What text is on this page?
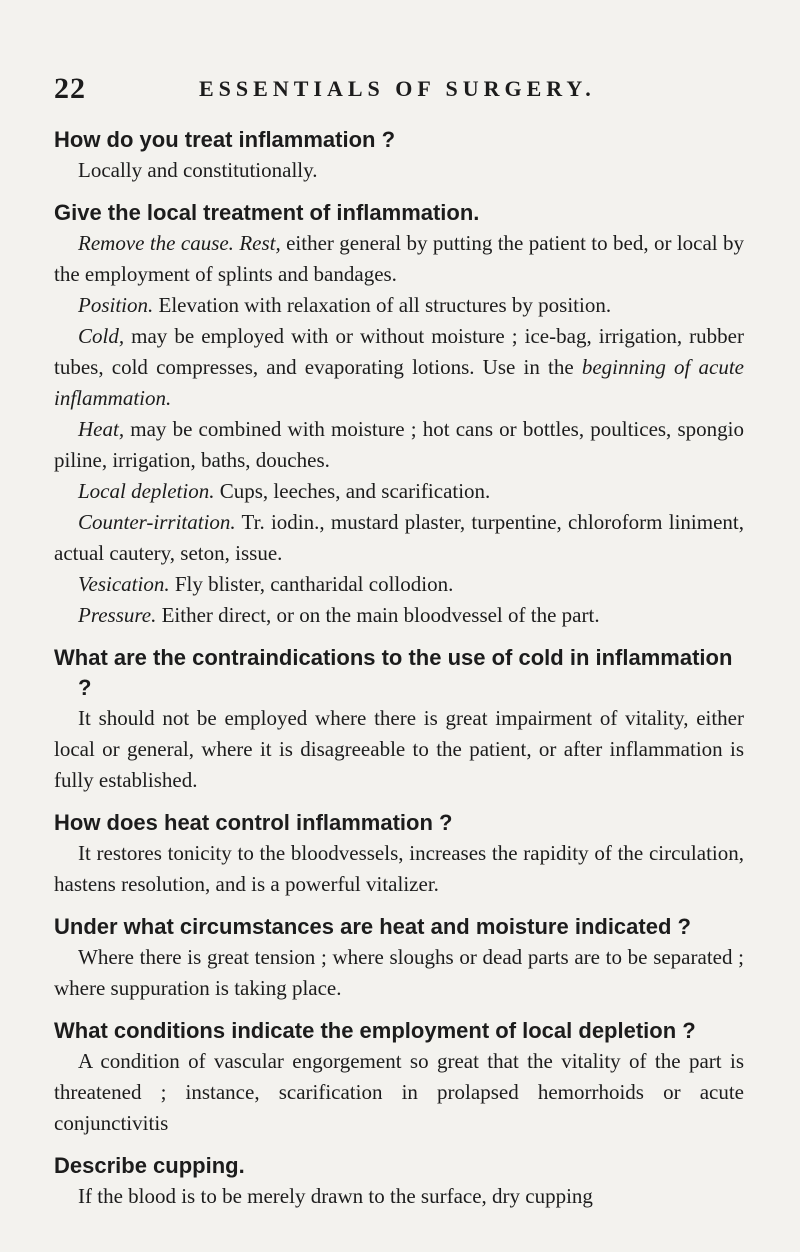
22	ESSENTIALS OF SURGERY.

How do you treat inflammation ?

Locally and constitutionally.

Give the local treatment of inflammation.

Remove the cause. Rest, either general by putting the patient to bed, or local by the employment of splints and bandages.

Position. Elevation with relaxation of all structures by position.

Cold, may be employed with or without moisture ; ice-bag, irrigation, rubber tubes, cold compresses, and evaporating lotions. Use in the beginning of acute inflammation.

Heat, may be combined with moisture ; hot cans or bottles, poultices, spongio piline, irrigation, baths, douches.

Local depletion. Cups, leeches, and scarification.

Counter-irritation. Tr. iodin., mustard plaster, turpentine, chloroform liniment, actual cautery, seton, issue.

Vesication. Fly blister, cantharidal collodion.

Pressure. Either direct, or on the main bloodvessel of the part.

What are the contraindications to the use of cold in inflammation ?

It should not be employed where there is great impairment of vitality, either local or general, where it is disagreeable to the patient, or after inflammation is fully established.

How does heat control inflammation ?

It restores tonicity to the bloodvessels, increases the rapidity of the circulation, hastens resolution, and is a powerful vitalizer.

Under what circumstances are heat and moisture indicated ?

Where there is great tension ; where sloughs or dead parts are to be separated ; where suppuration is taking place.

What conditions indicate the employment of local depletion ?

A condition of vascular engorgement so great that the vitality of the part is threatened ; instance, scarification in prolapsed hemorrhoids or acute conjunctivitis

Describe cupping.

If the blood is to be merely drawn to the surface, dry cupping
